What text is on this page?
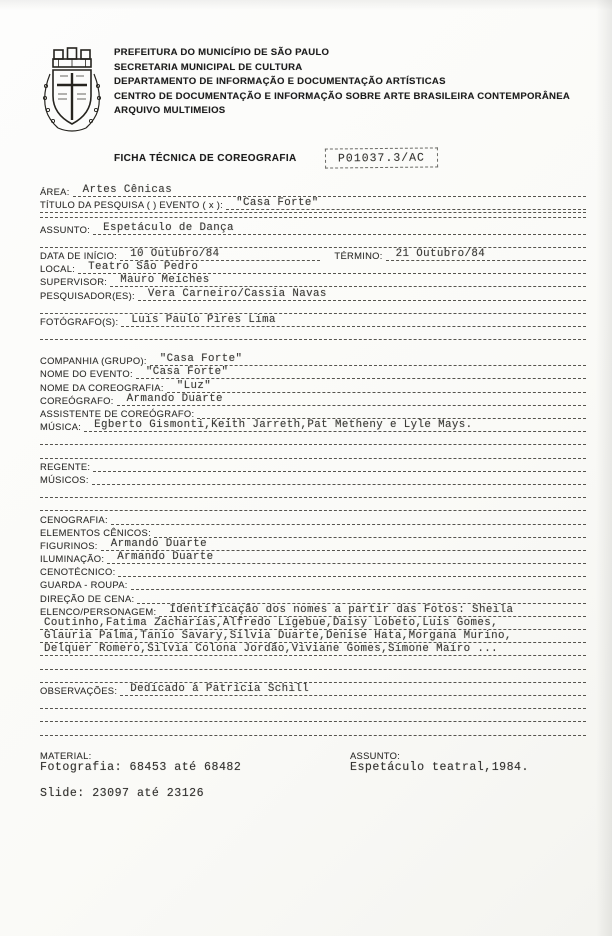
PREFEITURA DO MUNICÍPIO DE SÃO PAULO
SECRETARIA MUNICIPAL DE CULTURA
DEPARTAMENTO DE INFORMAÇÃO E DOCUMENTAÇÃO ARTÍSTICAS
CENTRO DE DOCUMENTAÇÃO E INFORMAÇÃO SOBRE ARTE BRASILEIRA CONTEMPORÂNEA
ARQUIVO MULTIMEIOS
FICHA TÉCNICA DE COREOGRAFIA	P01037.3/AC
ÁREA:	Artes Cênicas
TÍTULO DA PESQUISA ( ) EVENTO ( x ):	"Casa Forte"
ASSUNTO:	Espetáculo de Dança
DATA DE INÍCIO:	10 Outubro/84	TÉRMINO:	21 Outubro/84
LOCAL:	Teatro São Pedro
SUPERVISOR:	Mauro Meiches
PESQUISADOR(ES):	Vera Carneiro/Cassia Navas
FOTÓGRAFO(S):	Luis Paulo Pires Lima
COMPANHIA (GRUPO):	"Casa Forte"
NOME DO EVENTO:	"Casa Forte"
NOME DA COREOGRAFIA:	"Luz"
COREÓGRAFO:	Armando Duarte
ASSISTENTE DE COREÓGRAFO:
MÚSICA:	Egberto Gismonti,Keith Jarreth,Pat Metheny e Lyle Mays.
REGENTE:
MÚSICOS:
CENOGRAFIA:
ELEMENTOS CÊNICOS:
FIGURINOS:	Armando Duarte
ILUMINAÇÃO:	Armando Duarte
CENOTÉCNICO:
GUARDA - ROUPA:
DIREÇÃO DE CENA:
ELENCO/PERSONAGEM:	Identificação dos nomes a partir das Fotos: Sheila
Coutinho,Fatima Zacharias,Alfredo Ligebue,Daisy Lobeto,Luis Gomes,
Glauria Palma,Tanio Savary,Silvia Duarte,Denise Hata,Morgana Murino,
Delquer Romero,Silvia Colona Jordão,Viviane Gomes,Simone Mairo ...
OBSERVAÇÕES:	Dedicado à Patrícia Schill
MATERIAL:
Fotografia: 68453 até 68482
Slide: 23097 até 23126
ASSUNTO:
Espetáculo teatral,1984.
